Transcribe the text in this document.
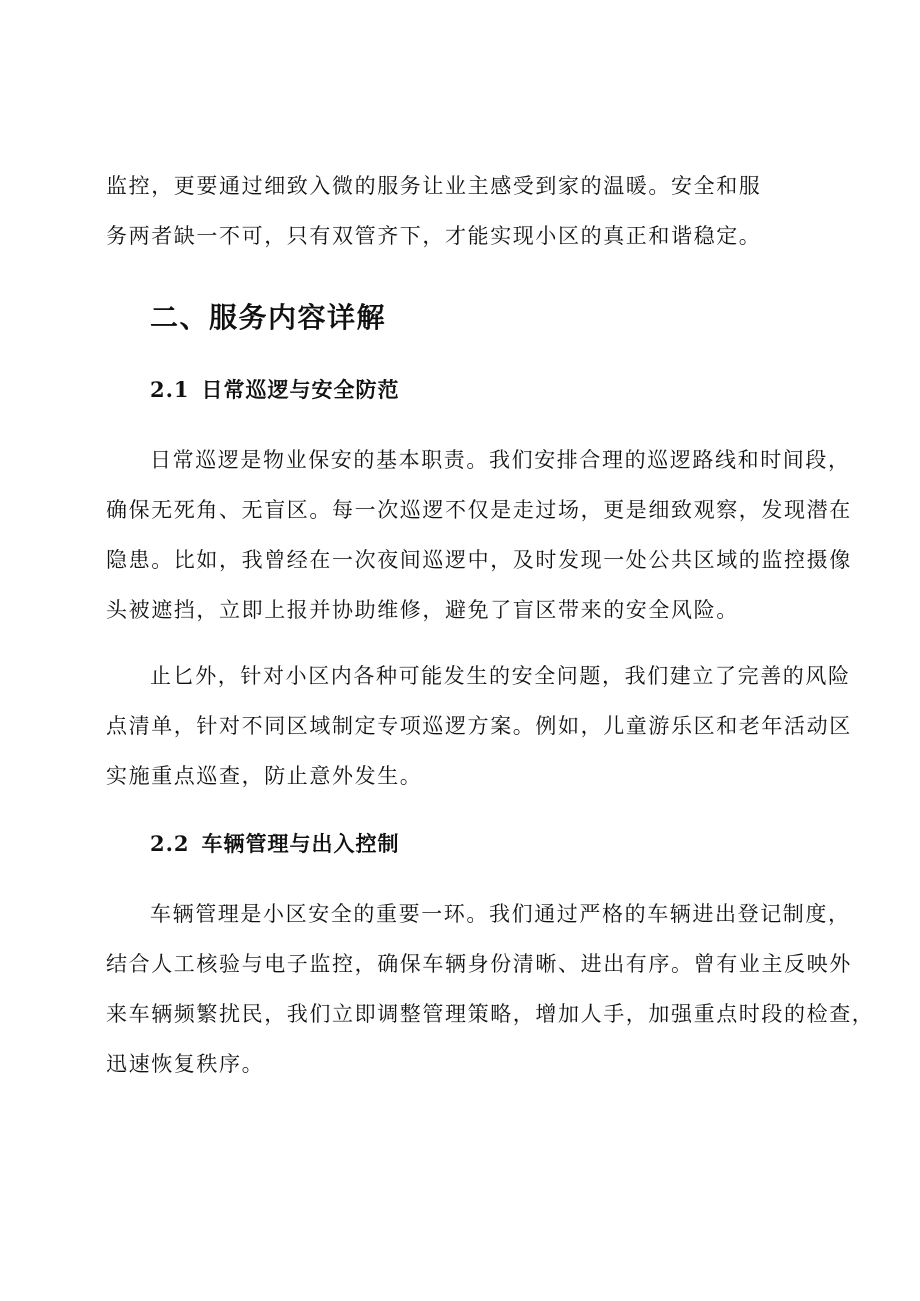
监控，更要通过细致入微的服务让业主感受到家的温暖。安全和服

务两者缺一不可，只有双管齐下，才能实现小区的真正和谐稳定。

二、服务内容详解
2.1 日常巡逻与安全防范

日常巡逻是物业保安的基本职责。我们安排合理的巡逻路线和时间段，

确保无死角、无盲区。每一次巡逻不仅是走过场，更是细致观察，发现潜在

隐患。比如，我曾经在一次夜间巡逻中，及时发现一处公共区域的监控摄像

头被遮挡，立即上报并协助维修，避免了盲区带来的安全风险。

止匕外，针对小区内各种可能发生的安全问题，我们建立了完善的风险

点清单，针对不同区域制定专项巡逻方案。例如，儿童游乐区和老年活动区

实施重点巡查，防止意外发生。

2.2 车辆管理与出入控制

车辆管理是小区安全的重要一环。我们通过严格的车辆进出登记制度，

结合人工核验与电子监控，确保车辆身份清晰、进出有序。曾有业主反映外

来车辆频繁扰民，我们立即调整管理策略，增加人手，加强重点时段的检查，

迅速恢复秩序。
